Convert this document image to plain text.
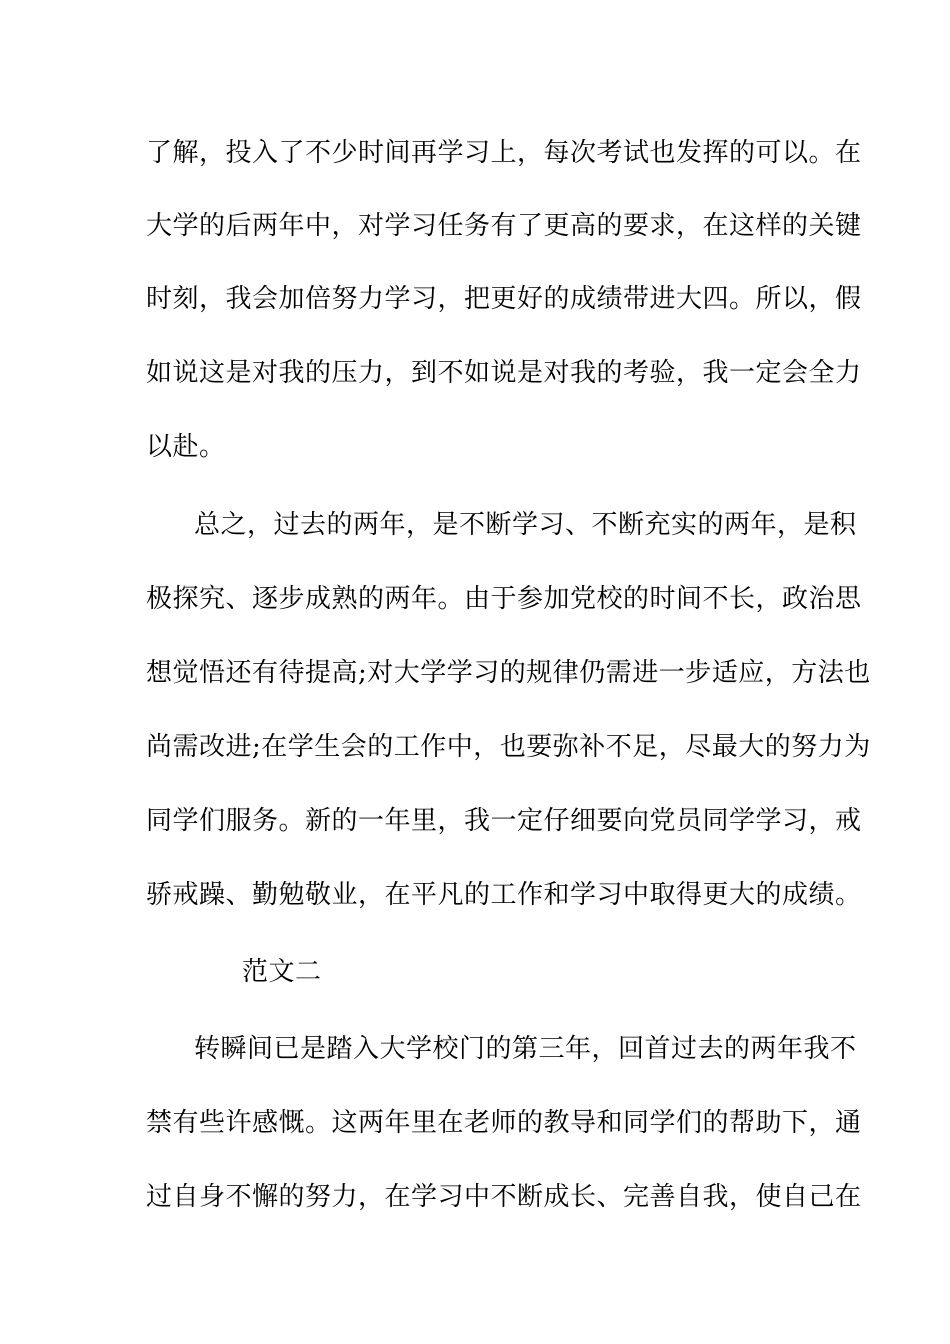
了解，投入了不少时间再学习上，每次考试也发挥的可以。在

大学的后两年中，对学习任务有了更高的要求，在这样的关键

时刻，我会加倍努力学习，把更好的成绩带进大四。所以，假

如说这是对我的压力，到不如说是对我的考验，我一定会全力

以赴。

总之，过去的两年，是不断学习、不断充实的两年，是积

极探究、逐步成熟的两年。由于参加党校的时间不长，政治思

想觉悟还有待提高;对大学学习的规律仍需进一步适应，方法也

尚需改进;在学生会的工作中，也要弥补不足，尽最大的努力为

同学们服务。新的一年里，我一定仔细要向党员同学学习，戒

骄戒躁、勤勉敬业，在平凡的工作和学习中取得更大的成绩。

范文二

转瞬间已是踏入大学校门的第三年，回首过去的两年我不

禁有些许感慨。这两年里在老师的教导和同学们的帮助下，通

过自身不懈的努力，在学习中不断成长、完善自我，使自己在
